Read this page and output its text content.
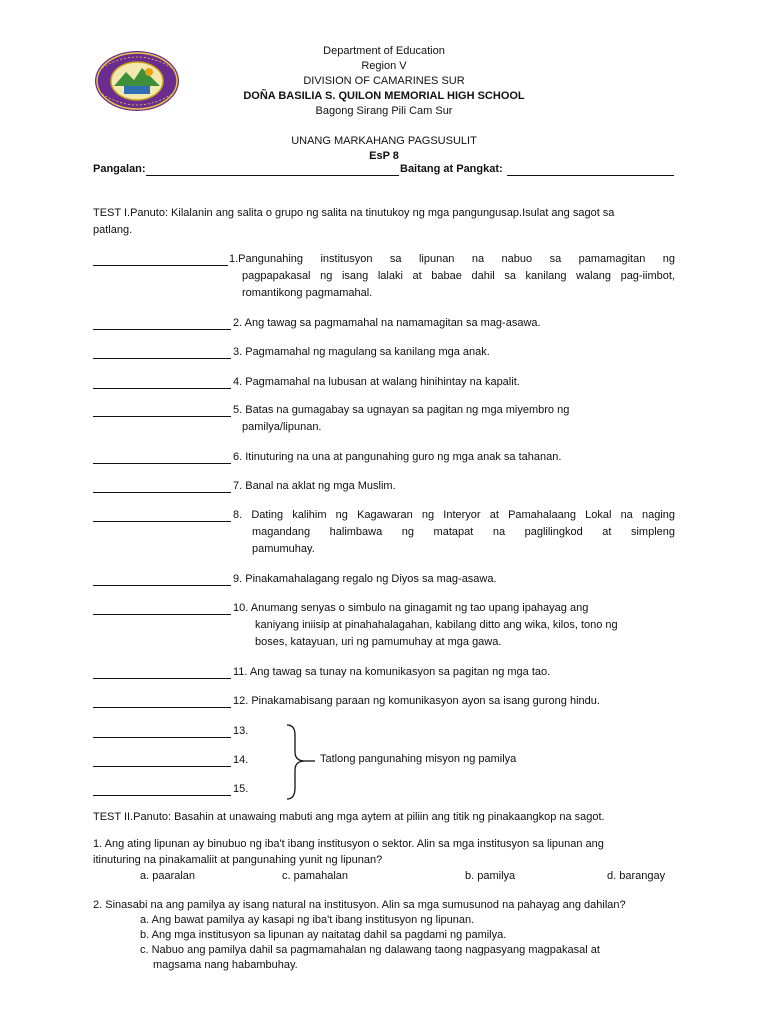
Department of Education
Region V
DIVISION OF CAMARINES SUR
DOÑA BASILIA S. QUILON MEMORIAL HIGH SCHOOL
Bagong Sirang Pili Cam Sur
UNANG MARKAHANG PAGSUSULIT
EsP 8
Pangalan:	Baitang at Pangkat:
TEST I.Panuto: Kilalanin ang salita o grupo ng salita na tinutukoy ng mga pangungusap.Isulat ang sagot sa
patlang.
1.Pangunahing institusyon sa lipunan na nabuo sa pamamagitan ng
pagpapakasal ng isang lalaki at babae dahil sa kanilang walang pag-iimbot,
romantikong pagmamahal.
2. Ang tawag sa pagmamahal na namamagitan sa mag-asawa.
3. Pagmamahal ng magulang sa kanilang mga anak.
4. Pagmamahal na lubusan at walang hinihintay na kapalit.
5. Batas na gumagabay sa ugnayan sa pagitan ng mga miyembro ng
pamilya/lipunan.
6. Itinuturing na una at pangunahing guro ng mga anak sa tahanan.
7. Banal na aklat ng mga Muslim.
8. Dating kalihim ng Kagawaran ng Interyor at Pamahalaang Lokal na naging
magandang halimbawa ng matapat na paglilingkod at simpleng
pamumuhay.
9. Pinakamahalagang regalo ng Diyos sa mag-asawa.
10. Anumang senyas o simbulo na ginagamit ng tao upang ipahayag ang
kaniyang iniisip at pinahahalagahan, kabilang ditto ang wika, kilos, tono ng
boses, katayuan, uri ng pamumuhay at mga gawa.
11. Ang tawag sa tunay na komunikasyon sa pagitan ng mga tao.
12. Pinakamabisang paraan ng komunikasyon ayon sa isang gurong hindu.
13.
14.
15.
Tatlong pangunahing misyon ng pamilya
TEST II.Panuto: Basahin at unawaing mabuti ang mga aytem at piliin ang titik ng pinakaangkop na sagot.
1. Ang ating lipunan ay binubuo ng iba't ibang institusyon o sektor. Alin sa mga institusyon sa lipunan ang
itinuturing na pinakamaliit at pangunahing yunit ng lipunan?
a. paaralan	c. pamahalan	b. pamilya	d. barangay
2. Sinasabi na ang pamilya ay isang natural na institusyon. Alin sa mga sumusunod na pahayag ang dahilan?
a. Ang bawat pamilya ay kasapi ng iba't ibang institusyon ng lipunan.
b. Ang mga institusyon sa lipunan ay naitatag dahil sa pagdami ng pamilya.
c. Nabuo ang pamilya dahil sa pagmamahalan ng dalawang taong nagpasyang magpakasal at
magsama nang habambuhay.
